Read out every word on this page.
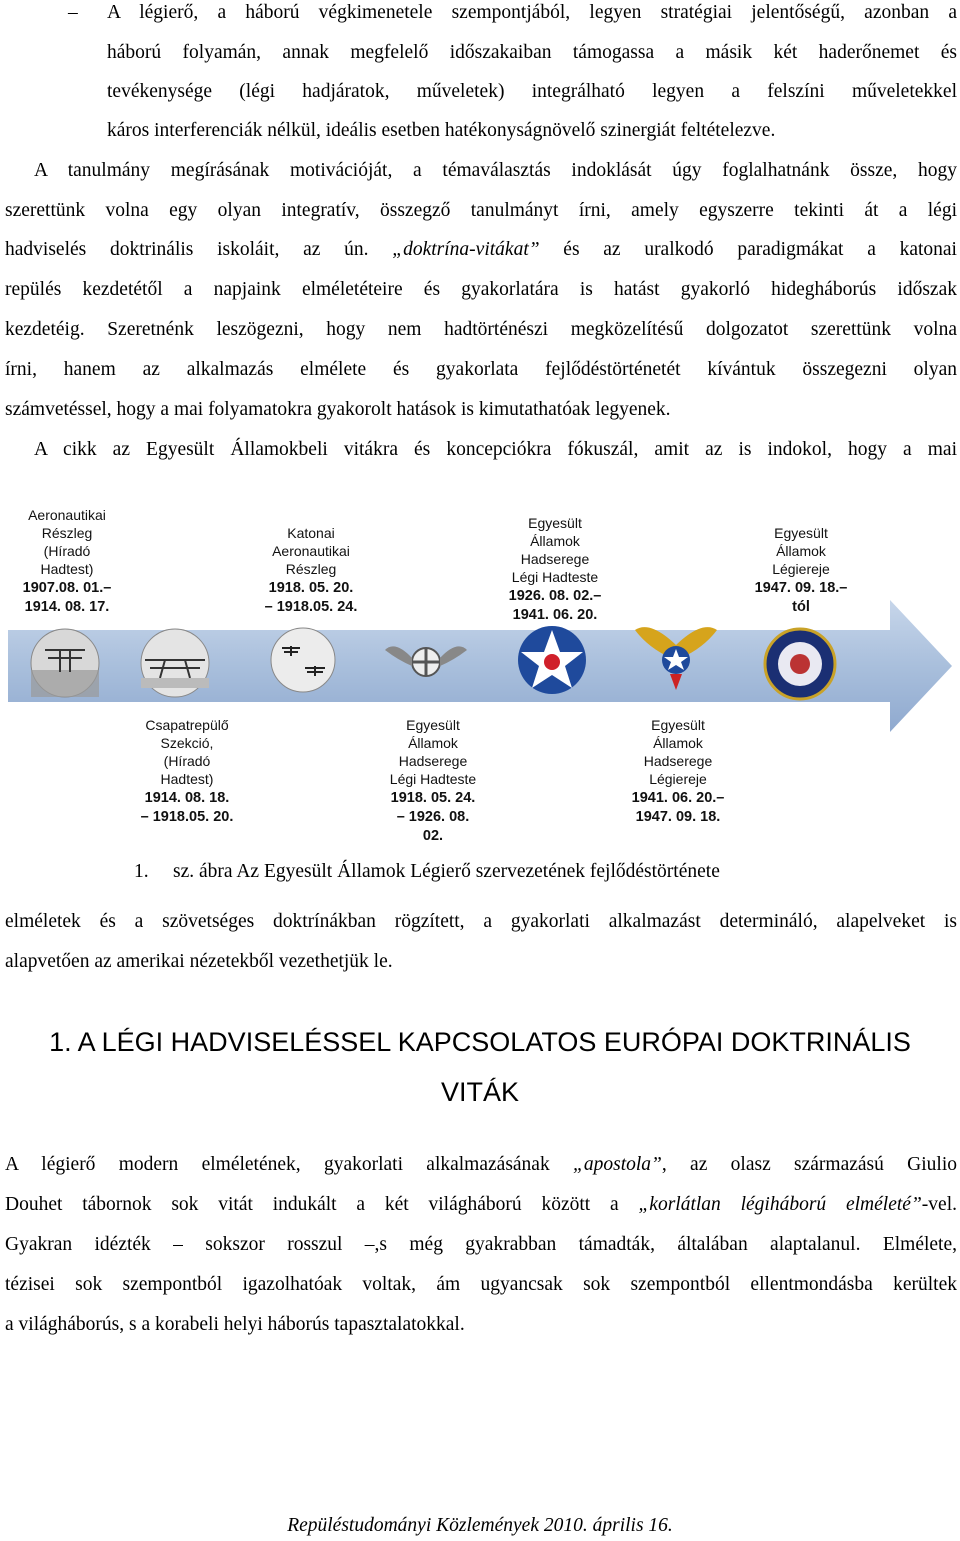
– A légierő, a háború végkimenetele szempontjából, legyen stratégiai jelentőségű, azonban a
háború folyamán, annak megfelelő időszakaiban támogassa a másik két haderőnemet és
tevékenysége (légi hadjáratok, műveletek) integrálható legyen a felszíni műveletekkel
káros interferenciák nélkül, ideális esetben hatékonyságnövelő szinergiát feltételezve.
A tanulmány megírásának motivációját, a témaválasztás indoklását úgy foglalhatnánk össze, hogy
szerettünk volna egy olyan integratív, összegző tanulmányt írni, amely egyszerre tekinti át a légi
hadviselés doktrinális iskoláit, az ún. „doktrína-vitákat” és az uralkodó paradigmákat a katonai
repülés kezdetétől a napjaink elméletéteire és gyakorlatára is hatást gyakorló hidegháborús időszak
kezdetéig. Szeretnénk leszögezni, hogy nem hadtörténészi megközelítésű dolgozatot szerettünk volna
írni, hanem az alkalmazás elmélete és gyakorlata fejlődéstörténetét kívántuk összegezni olyan
számvetéssel, hogy a mai folyamatokra gyakorolt hatások is kimutathatóak legyenek.
A cikk az Egyesült Államokbeli vitákra és koncepciókra fókuszál, amit az is indokol, hogy a mai
Aeronautikai
Részleg
(Híradó
Hadtest)
1907.08. 01.–
1914. 08. 17.
Katonai
Aeronautikai
Részleg
1918. 05. 20.
– 1918.05. 24.
Egyesült
Államok
Hadserege
Légi Hadteste
1926. 08. 02.–
1941. 06. 20.
Egyesült
Államok
Légiereje
1947. 09. 18.–
tól
Csapatrepülő
Szekció,
(Híradó
Hadtest)
1914. 08. 18.
– 1918.05. 20.
Egyesült
Államok
Hadserege
Légi Hadteste
1918. 05. 24.
– 1926. 08.
02.
Egyesült
Államok
Hadserege
Légiereje
1941. 06. 20.–
1947. 09. 18.
1. sz. ábra Az Egyesült Államok Légierő szervezetének fejlődéstörténete
elméletek és a szövetséges doktrínákban rögzített, a gyakorlati alkalmazást determináló, alapelveket is
alapvetően az amerikai nézetekből vezethetjük le.
1. A LÉGI HADVISELÉSSEL KAPCSOLATOS EURÓPAI DOKTRINÁLIS
VITÁK
A légierő modern elméletének, gyakorlati alkalmazásának „apostola”, az olasz származású Giulio
Douhet tábornok sok vitát indukált a két világháború között a „korlátlan légiháború elméleté”-vel.
Gyakran idézték – sokszor rosszul –,s még gyakrabban támadták, általában alaptalanul. Elmélete,
tézisei sok szempontból igazolhatóak voltak, ám ugyancsak sok szempontból ellentmondásba kerültek
a világháborús, s a korabeli helyi háborús tapasztalatokkal.
Repüléstudományi Közlemények 2010. április 16.
